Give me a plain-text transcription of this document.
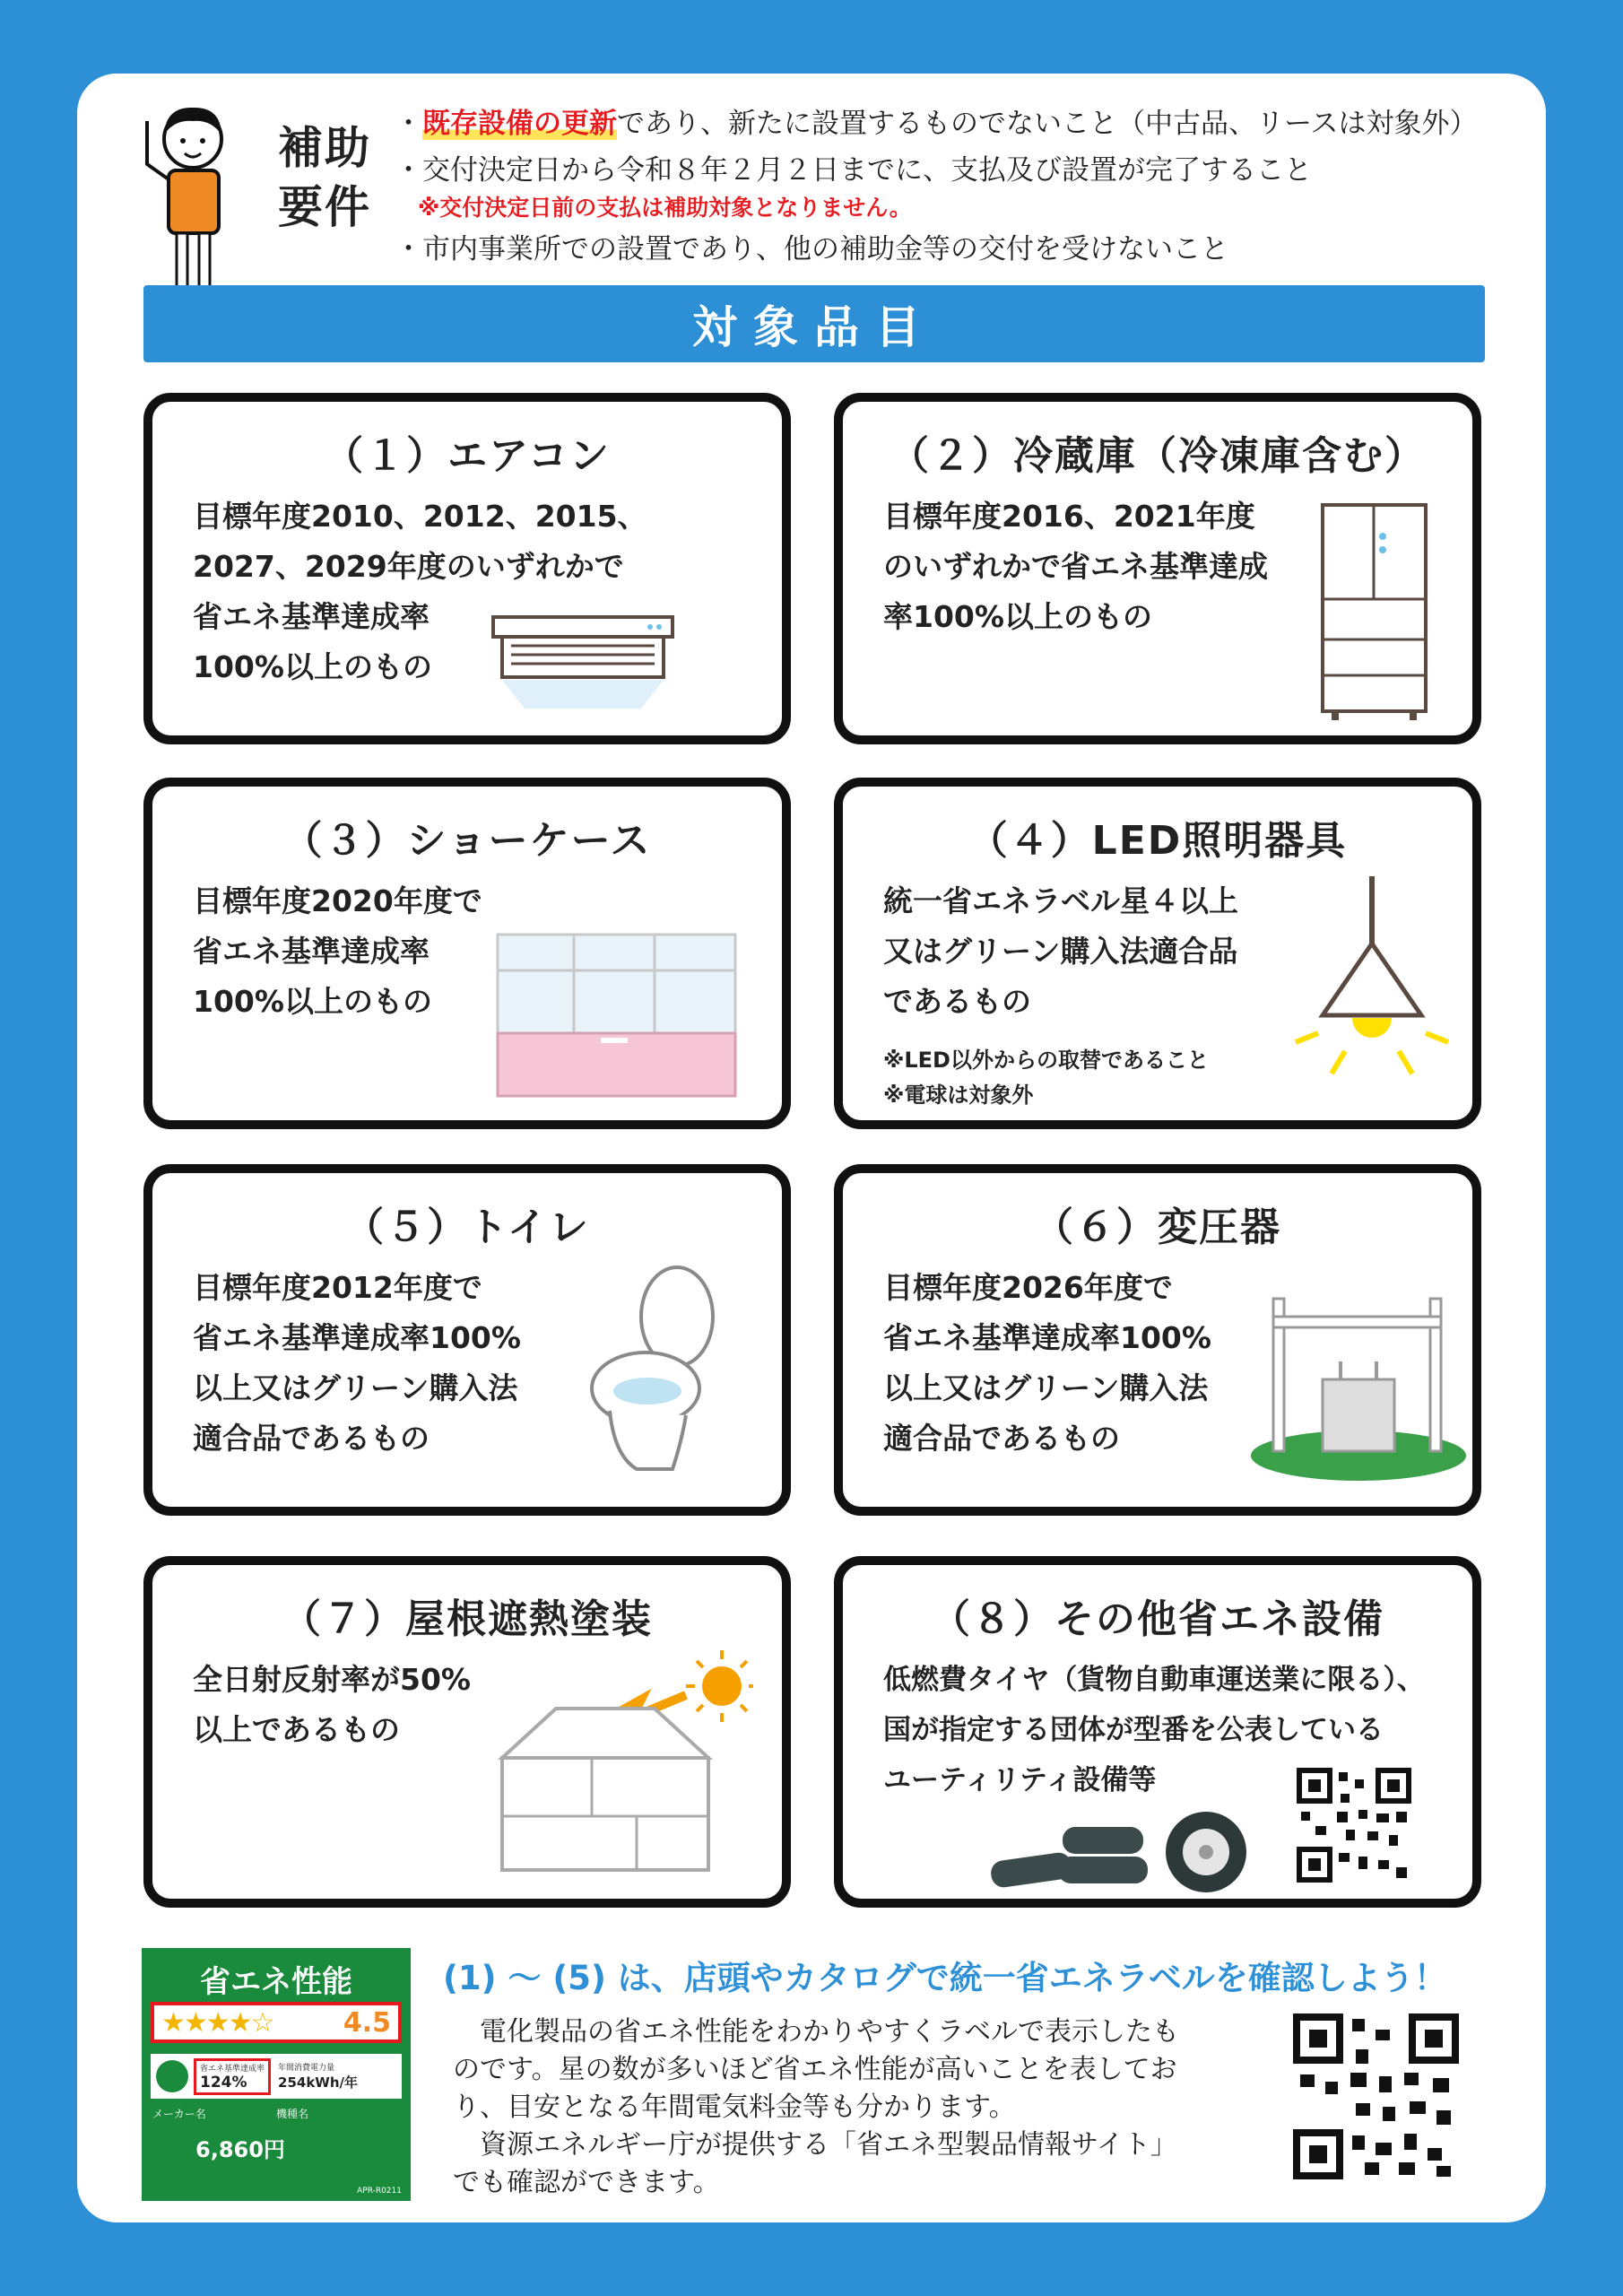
補助要件
・既存設備の更新であり、新たに設置するものでないこと（中古品、リースは対象外）
・交付決定日から令和８年２月２日までに、支払及び設置が完了すること
※交付決定日前の支払は補助対象となりません。
・市内事業所での設置であり、他の補助金等の交付を受けないこと
対象品目
（１）エアコン
目標年度2010、2012、2015、
2027、2029年度のいずれかで
省エネ基準達成率
100%以上のもの
（２）冷蔵庫（冷凍庫含む）
目標年度2016、2021年度
のいずれかで省エネ基準達成
率100%以上のもの
（３）ショーケース
目標年度2020年度で
省エネ基準達成率
100%以上のもの
（４）LED照明器具
統一省エネラベル星４以上
又はグリーン購入法適合品
であるもの
※LED以外からの取替であること
※電球は対象外
（５）トイレ
目標年度2012年度で
省エネ基準達成率100%
以上又はグリーン購入法
適合品であるもの
（６）変圧器
目標年度2026年度で
省エネ基準達成率100%
以上又はグリーン購入法
適合品であるもの
（７）屋根遮熱塗装
全日射反射率が50%
以上であるもの
（８）その他省エネ設備
低燃費タイヤ（貨物自動車運送業に限る）、
国が指定する団体が型番を公表している
ユーティリティ設備等
省エネ性能
★★★★☆	4.5
省エネ基準達成率
124%
年間消費電力量
254kWh/年
メーカー名	機種名
6,860円
APR-R0211
(1) ～ (5) は、店頭やカタログで統一省エネラベルを確認しよう！
　電化製品の省エネ性能をわかりやすくラベルで表示したも
のです。星の数が多いほど省エネ性能が高いことを表してお
り、目安となる年間電気料金等も分かります。
　資源エネルギー庁が提供する「省エネ型製品情報サイト」
でも確認ができます。
